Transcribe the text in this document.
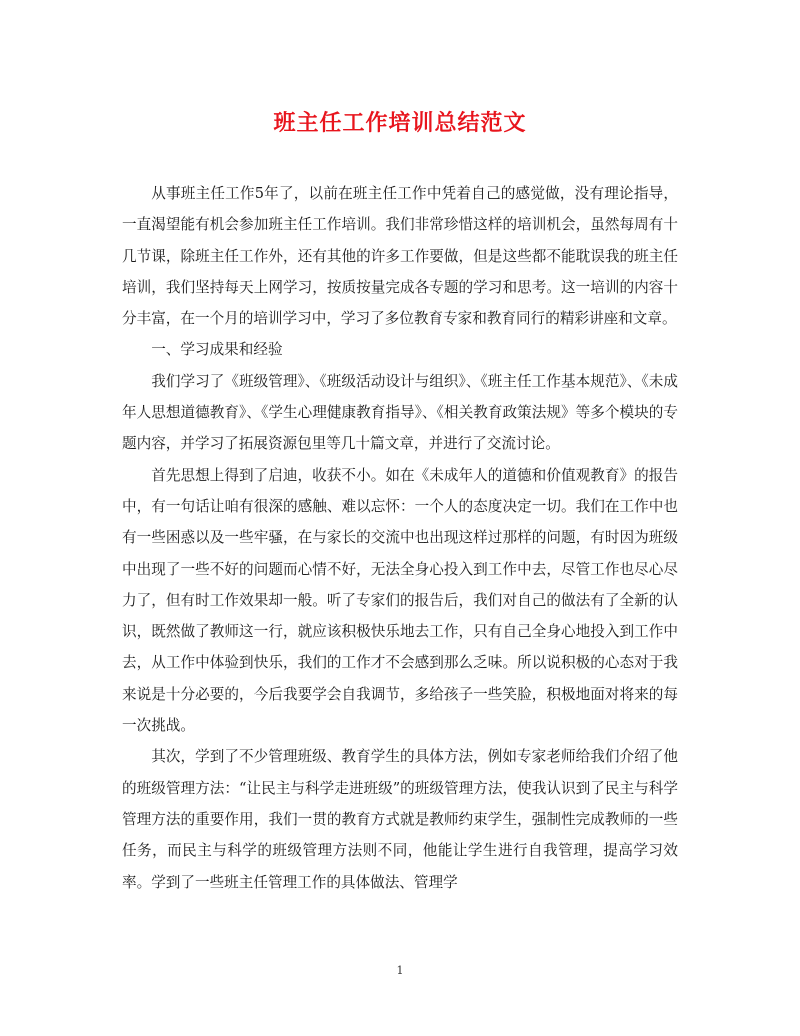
班主任工作培训总结范文

从事班主任工作5年了，以前在班主任工作中凭着自己的感觉做，没有理论指导，一直渴望能有机会参加班主任工作培训。我们非常珍惜这样的培训机会，虽然每周有十几节课，除班主任工作外，还有其他的许多工作要做，但是这些都不能耽误我的班主任培训，我们坚持每天上网学习，按质按量完成各专题的学习和思考。这一培训的内容十分丰富，在一个月的培训学习中，学习了多位教育专家和教育同行的精彩讲座和文章。

一、学习成果和经验

我们学习了《班级管理》、《班级活动设计与组织》、《班主任工作基本规范》、《未成年人思想道德教育》、《学生心理健康教育指导》、《相关教育政策法规》等多个模块的专题内容，并学习了拓展资源包里等几十篇文章，并进行了交流讨论。

首先思想上得到了启迪，收获不小。如在《未成年人的道德和价值观教育》的报告中，有一句话让咱有很深的感触、难以忘怀：一个人的态度决定一切。我们在工作中也有一些困惑以及一些牢骚，在与家长的交流中也出现这样过那样的问题，有时因为班级中出现了一些不好的问题而心情不好，无法全身心投入到工作中去，尽管工作也尽心尽力了，但有时工作效果却一般。听了专家们的报告后，我们对自己的做法有了全新的认识，既然做了教师这一行，就应该积极快乐地去工作，只有自己全身心地投入到工作中去，从工作中体验到快乐，我们的工作才不会感到那么乏味。所以说积极的心态对于我来说是十分必要的，今后我要学会自我调节，多给孩子一些笑脸，积极地面对将来的每一次挑战。

其次，学到了不少管理班级、教育学生的具体方法，例如专家老师给我们介绍了他的班级管理方法：“让民主与科学走进班级”的班级管理方法，使我认识到了民主与科学管理方法的重要作用，我们一贯的教育方式就是教师约束学生，强制性完成教师的一些任务，而民主与科学的班级管理方法则不同，他能让学生进行自我管理，提高学习效率。学到了一些班主任管理工作的具体做法、管理学

1
